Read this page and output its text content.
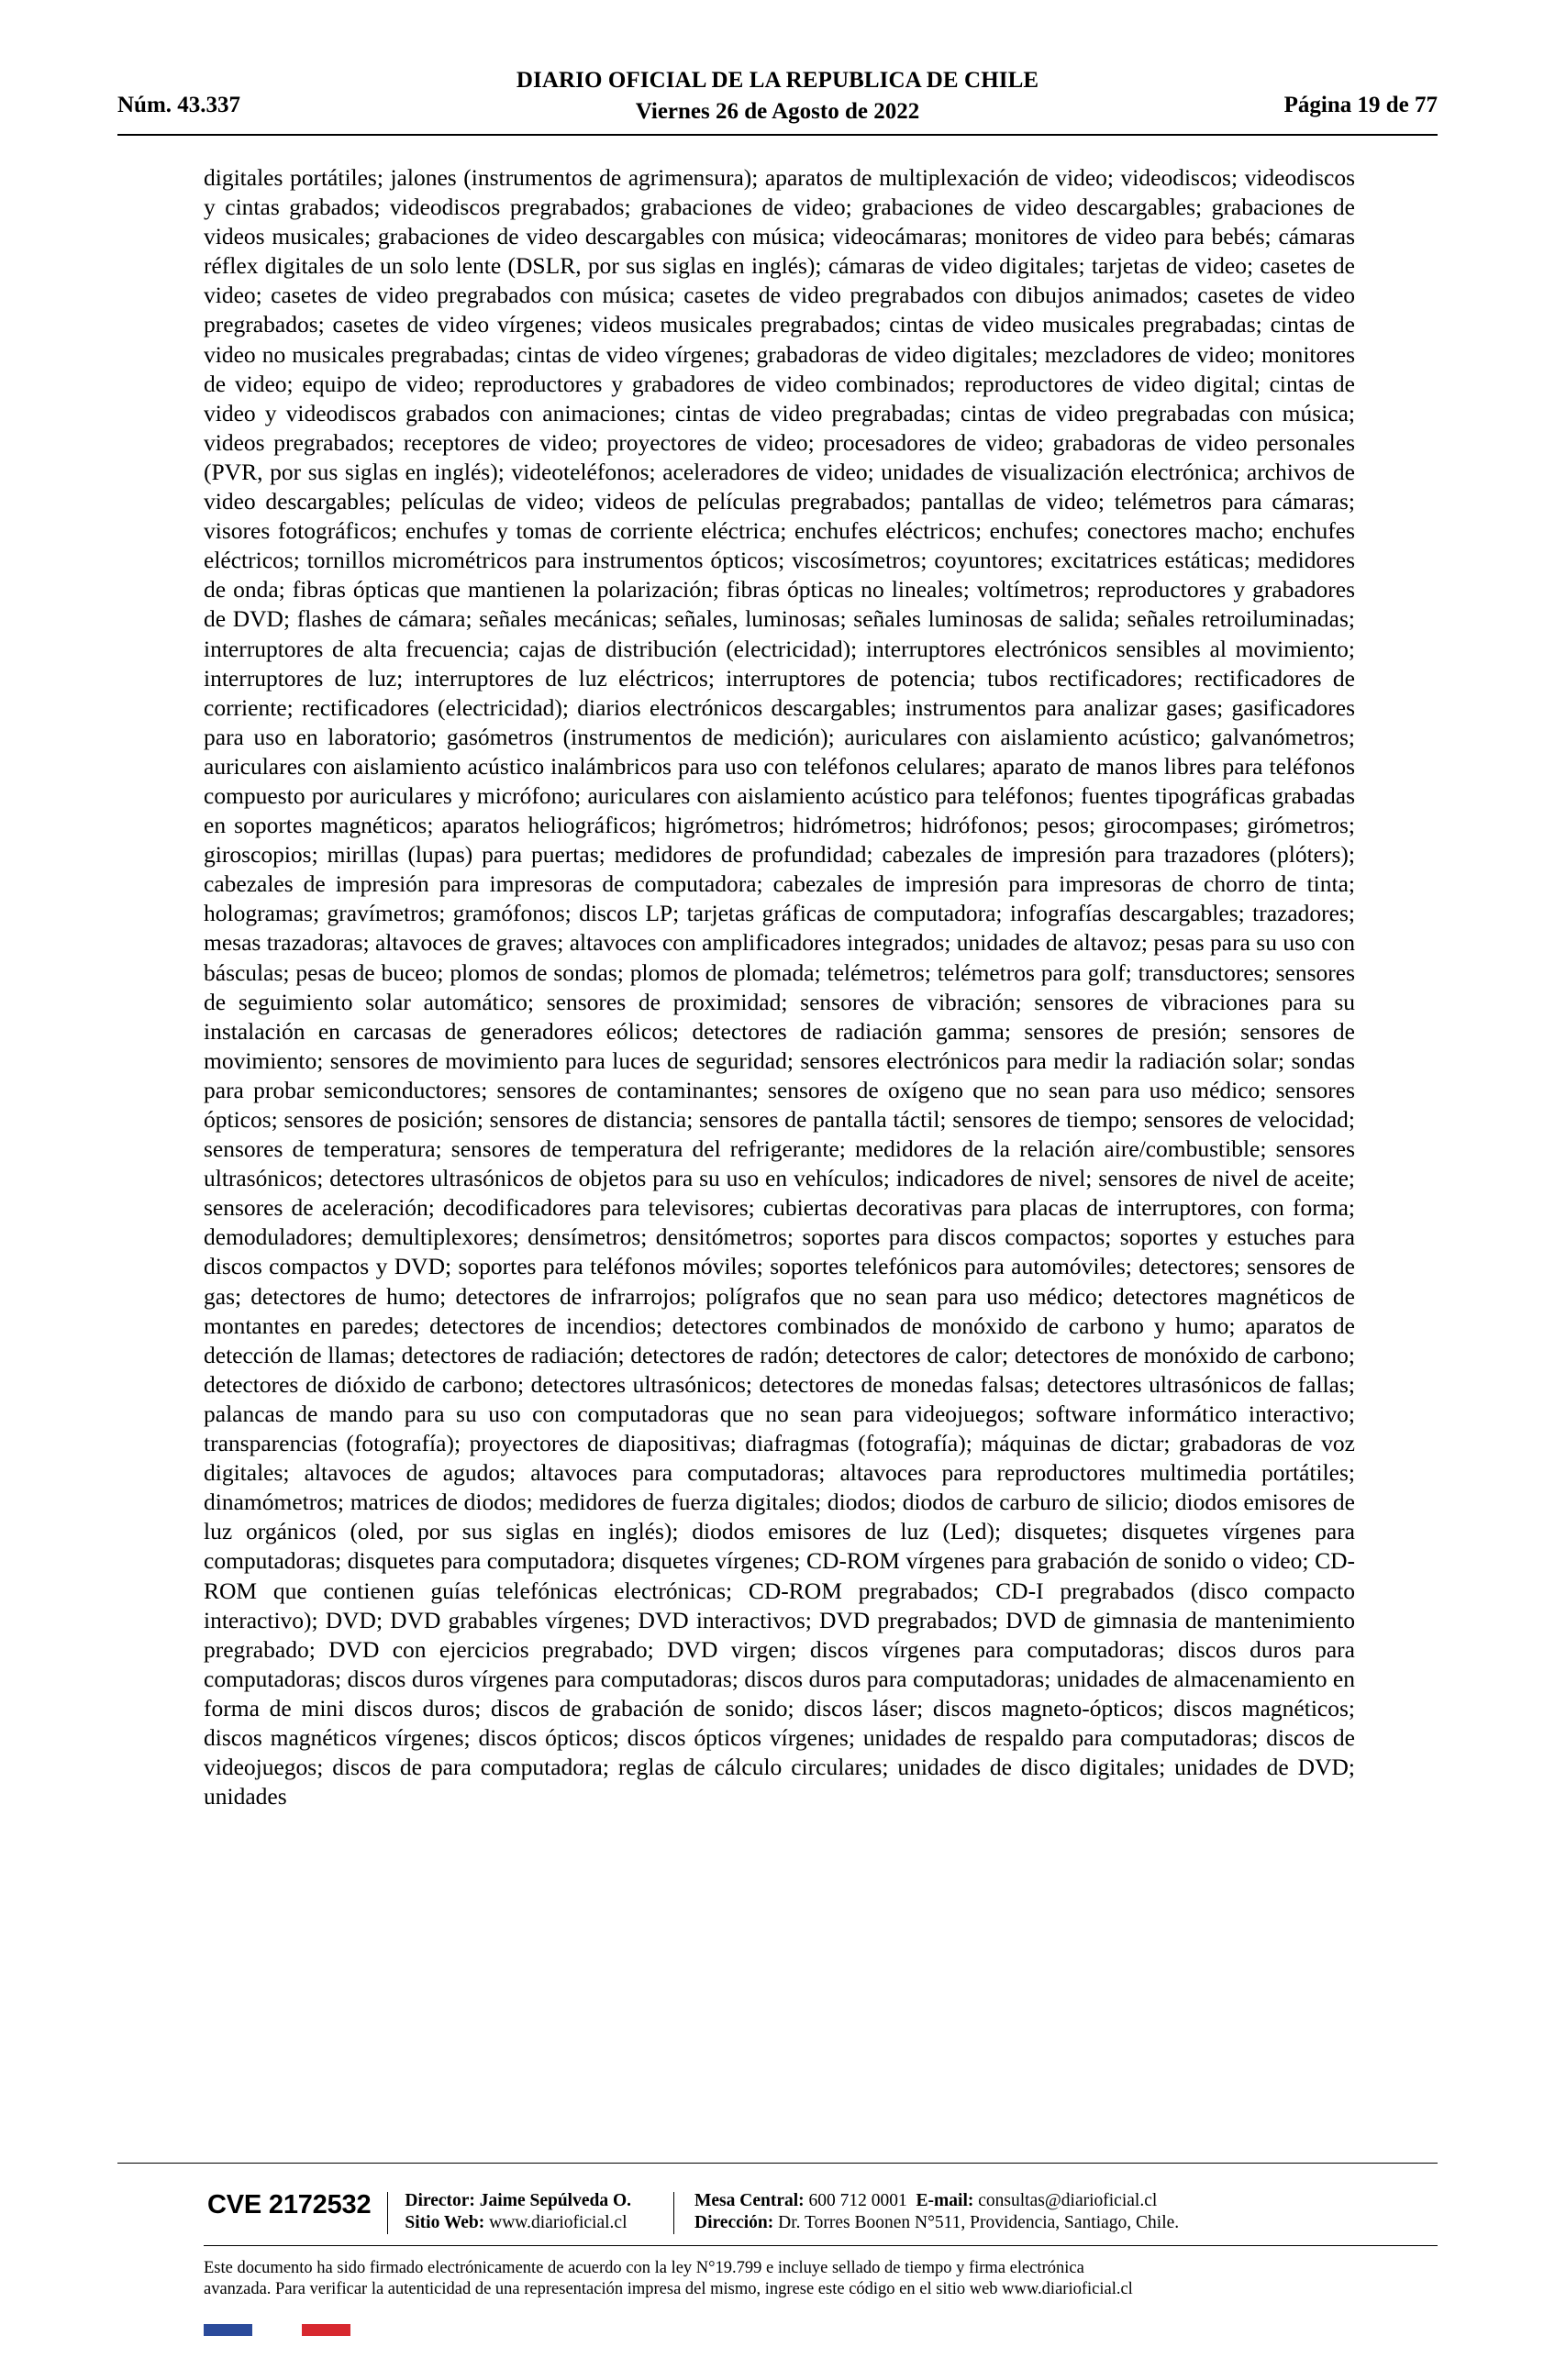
DIARIO OFICIAL DE LA REPUBLICA DE CHILE
Viernes 26 de Agosto de 2022
Núm. 43.337	Página 19 de 77
digitales portátiles; jalones (instrumentos de agrimensura); aparatos de multiplexación de video; videodiscos; videodiscos y cintas grabados; videodiscos pregrabados; grabaciones de video; grabaciones de video descargables; grabaciones de videos musicales; grabaciones de video descargables con música; videocámaras; monitores de video para bebés; cámaras réflex digitales de un solo lente (DSLR, por sus siglas en inglés); cámaras de video digitales; tarjetas de video; casetes de video; casetes de video pregrabados con música; casetes de video pregrabados con dibujos animados; casetes de video pregrabados; casetes de video vírgenes; videos musicales pregrabados; cintas de video musicales pregrabadas; cintas de video no musicales pregrabadas; cintas de video vírgenes; grabadoras de video digitales; mezcladores de video; monitores de video; equipo de video; reproductores y grabadores de video combinados; reproductores de video digital; cintas de video y videodiscos grabados con animaciones; cintas de video pregrabadas; cintas de video pregrabadas con música; videos pregrabados; receptores de video; proyectores de video; procesadores de video; grabadoras de video personales (PVR, por sus siglas en inglés); videoteléfonos; aceleradores de video; unidades de visualización electrónica; archivos de video descargables; películas de video; videos de películas pregrabados; pantallas de video; telémetros para cámaras; visores fotográficos; enchufes y tomas de corriente eléctrica; enchufes eléctricos; enchufes; conectores macho; enchufes eléctricos; tornillos micrométricos para instrumentos ópticos; viscosímetros; coyuntores; excitatrices estáticas; medidores de onda; fibras ópticas que mantienen la polarización; fibras ópticas no lineales; voltímetros; reproductores y grabadores de DVD; flashes de cámara; señales mecánicas; señales, luminosas; señales luminosas de salida; señales retroiluminadas; interruptores de alta frecuencia; cajas de distribución (electricidad); interruptores electrónicos sensibles al movimiento; interruptores de luz; interruptores de luz eléctricos; interruptores de potencia; tubos rectificadores; rectificadores de corriente; rectificadores (electricidad); diarios electrónicos descargables; instrumentos para analizar gases; gasificadores para uso en laboratorio; gasómetros (instrumentos de medición); auriculares con aislamiento acústico; galvanómetros; auriculares con aislamiento acústico inalámbricos para uso con teléfonos celulares; aparato de manos libres para teléfonos compuesto por auriculares y micrófono; auriculares con aislamiento acústico para teléfonos; fuentes tipográficas grabadas en soportes magnéticos; aparatos heliográficos; higrómetros; hidrómetros; hidrófonos; pesos; girocompases; girómetros; giroscopios; mirillas (lupas) para puertas; medidores de profundidad; cabezales de impresión para trazadores (plóters); cabezales de impresión para impresoras de computadora; cabezales de impresión para impresoras de chorro de tinta; hologramas; gravímetros; gramófonos; discos LP; tarjetas gráficas de computadora; infografías descargables; trazadores; mesas trazadoras; altavoces de graves; altavoces con amplificadores integrados; unidades de altavoz; pesas para su uso con básculas; pesas de buceo; plomos de sondas; plomos de plomada; telémetros; telémetros para golf; transductores; sensores de seguimiento solar automático; sensores de proximidad; sensores de vibración; sensores de vibraciones para su instalación en carcasas de generadores eólicos; detectores de radiación gamma; sensores de presión; sensores de movimiento; sensores de movimiento para luces de seguridad; sensores electrónicos para medir la radiación solar; sondas para probar semiconductores; sensores de contaminantes; sensores de oxígeno que no sean para uso médico; sensores ópticos; sensores de posición; sensores de distancia; sensores de pantalla táctil; sensores de tiempo; sensores de velocidad; sensores de temperatura; sensores de temperatura del refrigerante; medidores de la relación aire/combustible; sensores ultrasónicos; detectores ultrasónicos de objetos para su uso en vehículos; indicadores de nivel; sensores de nivel de aceite; sensores de aceleración; decodificadores para televisores; cubiertas decorativas para placas de interruptores, con forma; demoduladores; demultiplexores; densímetros; densitómetros; soportes para discos compactos; soportes y estuches para discos compactos y DVD; soportes para teléfonos móviles; soportes telefónicos para automóviles; detectores; sensores de gas; detectores de humo; detectores de infrarrojos; polígrafos que no sean para uso médico; detectores magnéticos de montantes en paredes; detectores de incendios; detectores combinados de monóxido de carbono y humo; aparatos de detección de llamas; detectores de radiación; detectores de radón; detectores de calor; detectores de monóxido de carbono; detectores de dióxido de carbono; detectores ultrasónicos; detectores de monedas falsas; detectores ultrasónicos de fallas; palancas de mando para su uso con computadoras que no sean para videojuegos; software informático interactivo; transparencias (fotografía); proyectores de diapositivas; diafragmas (fotografía); máquinas de dictar; grabadoras de voz digitales; altavoces de agudos; altavoces para computadoras; altavoces para reproductores multimedia portátiles; dinamómetros; matrices de diodos; medidores de fuerza digitales; diodos; diodos de carburo de silicio; diodos emisores de luz orgánicos (oled, por sus siglas en inglés); diodos emisores de luz (Led); disquetes; disquetes vírgenes para computadoras; disquetes para computadora; disquetes vírgenes; CD-ROM vírgenes para grabación de sonido o video; CD-ROM que contienen guías telefónicas electrónicas; CD-ROM pregrabados; CD-I pregrabados (disco compacto interactivo); DVD; DVD grabables vírgenes; DVD interactivos; DVD pregrabados; DVD de gimnasia de mantenimiento pregrabado; DVD con ejercicios pregrabado; DVD virgen; discos vírgenes para computadoras; discos duros para computadoras; discos duros vírgenes para computadoras; discos duros para computadoras; unidades de almacenamiento en forma de mini discos duros; discos de grabación de sonido; discos láser; discos magneto-ópticos; discos magnéticos; discos magnéticos vírgenes; discos ópticos; discos ópticos vírgenes; unidades de respaldo para computadoras; discos de videojuegos; discos de para computadora; reglas de cálculo circulares; unidades de disco digitales; unidades de DVD; unidades
CVE 2172532	Director: Jaime Sepúlveda O.
Sitio Web: www.diarioficial.cl
Mesa Central: 600 712 0001 E-mail: consultas@diarioficial.cl
Dirección: Dr. Torres Boonen N°511, Providencia, Santiago, Chile.
Este documento ha sido firmado electrónicamente de acuerdo con la ley N°19.799 e incluye sellado de tiempo y firma electrónica
avanzada. Para verificar la autenticidad de una representación impresa del mismo, ingrese este código en el sitio web www.diarioficial.cl
